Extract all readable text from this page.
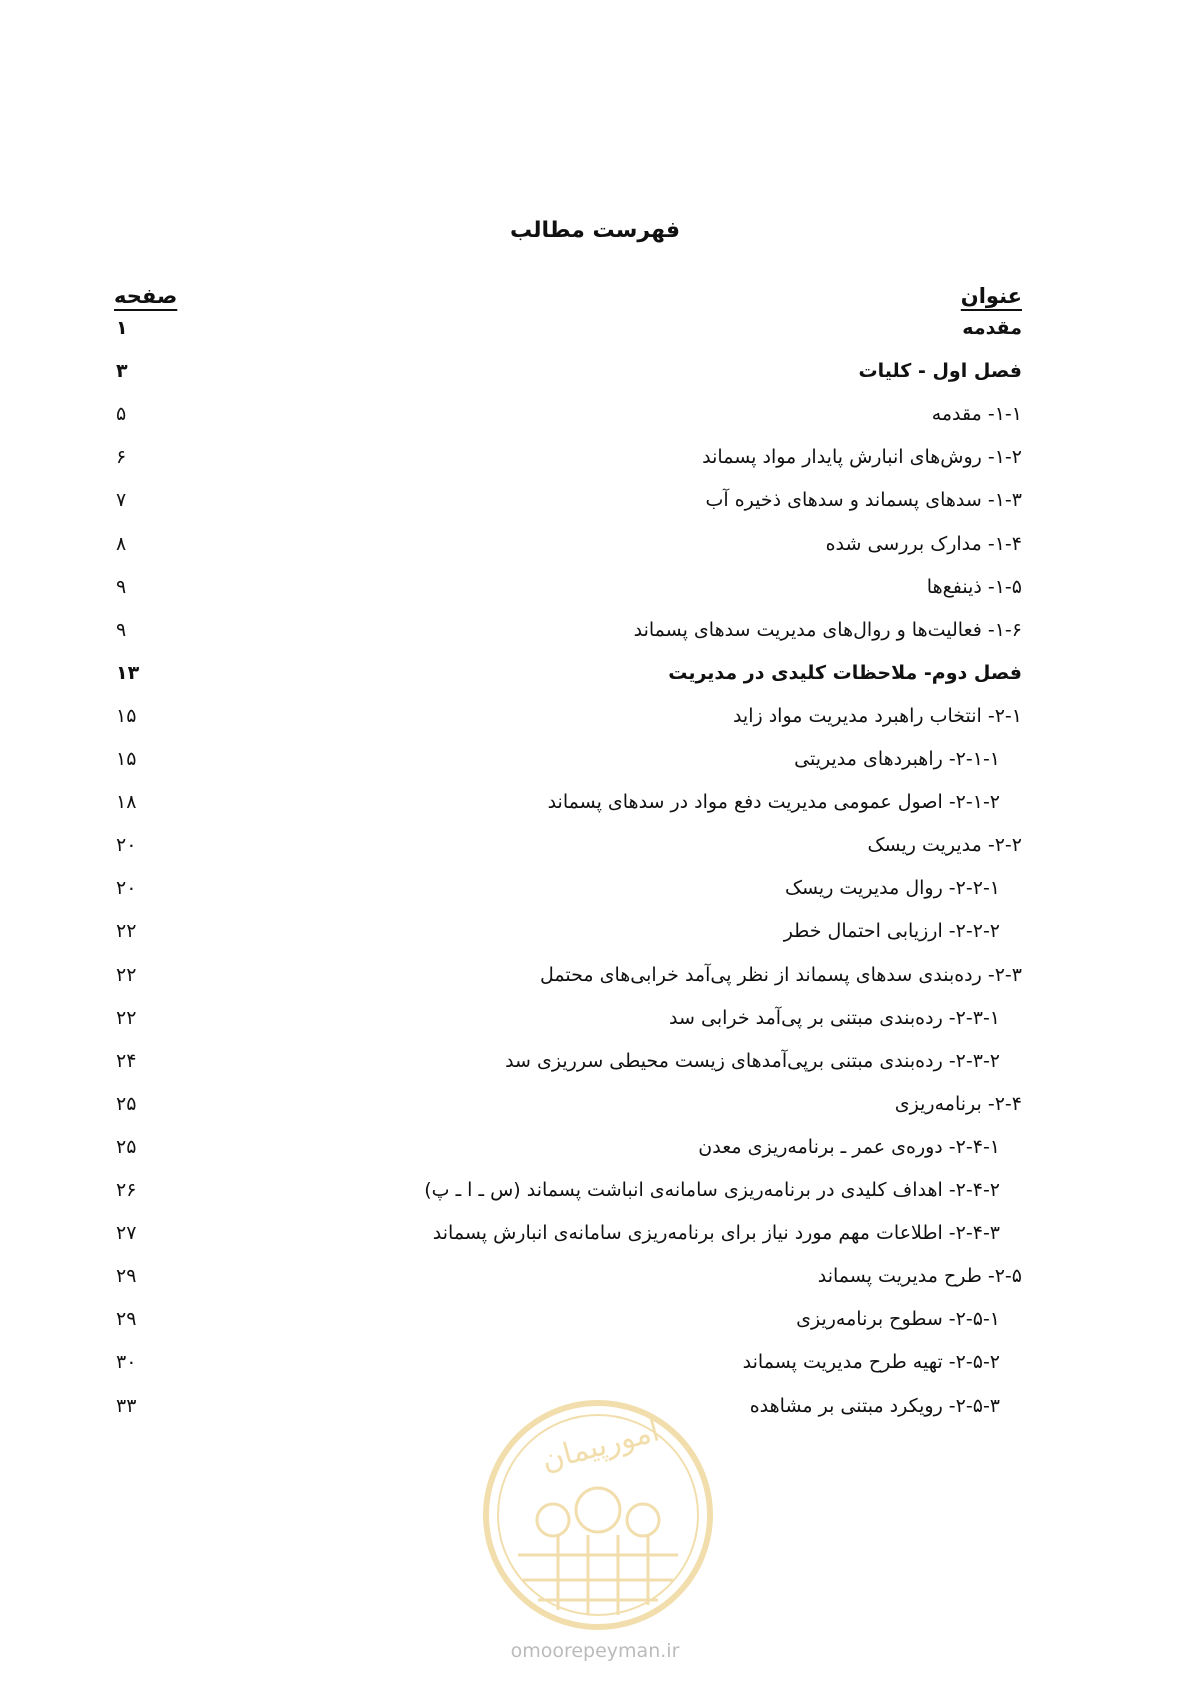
فهرست مطالب
عنوان
صفحه
مقدمه
۱
فصل اول - کلیات
۳
۱-۱- مقدمه
۵
۱-۲- روش‌های انبارش پایدار مواد پسماند
۶
۱-۳- سدهای پسماند و سدهای ذخیره آب
۷
۱-۴- مدارک بررسی شده
۸
۱-۵- ذینفع‌ها
۹
۱-۶- فعالیت‌ها و روال‌های مدیریت سدهای پسماند
۹
فصل دوم- ملاحظات کلیدی در مدیریت
۱۳
۲-۱- انتخاب راهبرد مدیریت مواد زاید
۱۵
۲-۱-۱- راهبردهای مدیریتی
۱۵
۲-۱-۲- اصول عمومی مدیریت دفع مواد در سدهای پسماند
۱۸
۲-۲- مدیریت ریسک
۲۰
۲-۲-۱- روال مدیریت ریسک
۲۰
۲-۲-۲- ارزیابی احتمال خطر
۲۲
۲-۳- رده‌بندی سدهای پسماند از نظر پی‌آمد خرابی‌های محتمل
۲۲
۲-۳-۱- رده‌بندی مبتنی بر پی‌آمد خرابی سد
۲۲
۲-۳-۲- رده‌بندی مبتنی برپی‌آمدهای زیست محیطی سرریزی سد
۲۴
۲-۴- برنامه‌ریزی
۲۵
۲-۴-۱- دوره‌ی عمر ـ برنامه‌ریزی معدن
۲۵
۲-۴-۲- اهداف کلیدی در برنامه‌ریزی سامانه‌ی انباشت پسماند (س ـ ا ـ پ)
۲۶
۲-۴-۳- اطلاعات مهم مورد نیاز برای برنامه‌ریزی سامانه‌ی انبارش پسماند
۲۷
۲-۵- طرح مدیریت پسماند
۲۹
۲-۵-۱- سطوح برنامه‌ریزی
۲۹
۲-۵-۲- تهیه طرح مدیریت پسماند
۳۰
۲-۵-۳- رویکرد مبتنی بر مشاهده
۳۳
امورپیمان
omoorepeyman.ir
